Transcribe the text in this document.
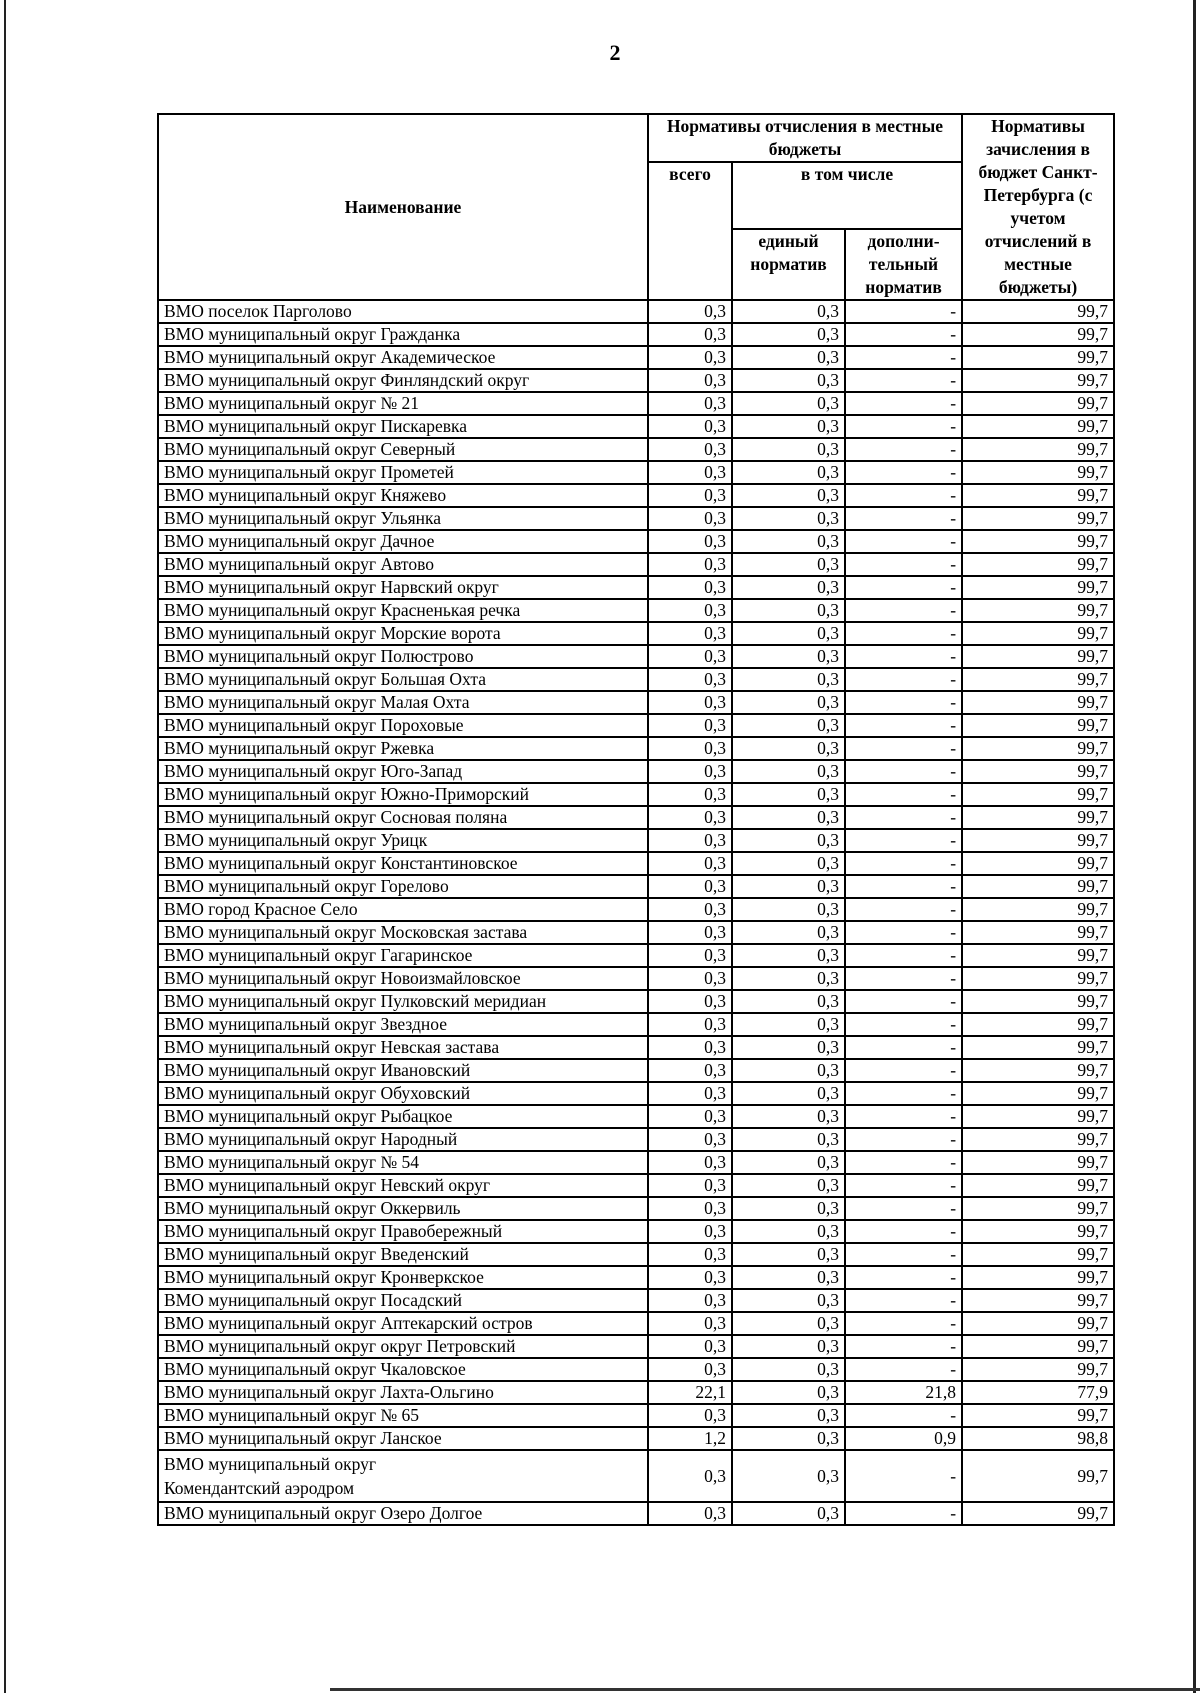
2
Наименование	Нормативы отчисления в местные бюджеты			Нормативы зачисления в бюджет Санкт-Петербурга (с учетом отчислений в местные бюджеты)
	всего	в том числе		
		единый норматив	дополни-тельный норматив	
ВМО поселок Парголово	0,3	0,3	-	99,7
ВМО муниципальный округ Гражданка	0,3	0,3	-	99,7
ВМО муниципальный округ Академическое	0,3	0,3	-	99,7
ВМО муниципальный округ Финляндский округ	0,3	0,3	-	99,7
ВМО муниципальный округ № 21	0,3	0,3	-	99,7
ВМО муниципальный округ Пискаревка	0,3	0,3	-	99,7
ВМО муниципальный округ Северный	0,3	0,3	-	99,7
ВМО муниципальный округ Прометей	0,3	0,3	-	99,7
ВМО муниципальный округ Княжево	0,3	0,3	-	99,7
ВМО муниципальный округ Ульянка	0,3	0,3	-	99,7
ВМО муниципальный округ Дачное	0,3	0,3	-	99,7
ВМО муниципальный округ Автово	0,3	0,3	-	99,7
ВМО муниципальный округ Нарвский округ	0,3	0,3	-	99,7
ВМО муниципальный округ Красненькая речка	0,3	0,3	-	99,7
ВМО муниципальный округ Морские ворота	0,3	0,3	-	99,7
ВМО муниципальный округ Полюстрово	0,3	0,3	-	99,7
ВМО муниципальный округ Большая Охта	0,3	0,3	-	99,7
ВМО муниципальный округ Малая Охта	0,3	0,3	-	99,7
ВМО муниципальный округ Пороховые	0,3	0,3	-	99,7
ВМО муниципальный округ Ржевка	0,3	0,3	-	99,7
ВМО муниципальный округ Юго-Запад	0,3	0,3	-	99,7
ВМО муниципальный округ Южно-Приморский	0,3	0,3	-	99,7
ВМО муниципальный округ Сосновая поляна	0,3	0,3	-	99,7
ВМО муниципальный округ Урицк	0,3	0,3	-	99,7
ВМО муниципальный округ Константиновское	0,3	0,3	-	99,7
ВМО муниципальный округ Горелово	0,3	0,3	-	99,7
ВМО город Красное Село	0,3	0,3	-	99,7
ВМО муниципальный округ Московская застава	0,3	0,3	-	99,7
ВМО муниципальный округ Гагаринское	0,3	0,3	-	99,7
ВМО муниципальный округ Новоизмайловское	0,3	0,3	-	99,7
ВМО муниципальный округ Пулковский меридиан	0,3	0,3	-	99,7
ВМО муниципальный округ Звездное	0,3	0,3	-	99,7
ВМО муниципальный округ Невская застава	0,3	0,3	-	99,7
ВМО муниципальный округ Ивановский	0,3	0,3	-	99,7
ВМО муниципальный округ Обуховский	0,3	0,3	-	99,7
ВМО муниципальный округ Рыбацкое	0,3	0,3	-	99,7
ВМО муниципальный округ Народный	0,3	0,3	-	99,7
ВМО муниципальный округ № 54	0,3	0,3	-	99,7
ВМО муниципальный округ Невский округ	0,3	0,3	-	99,7
ВМО муниципальный округ Оккервиль	0,3	0,3	-	99,7
ВМО муниципальный округ Правобережный	0,3	0,3	-	99,7
ВМО муниципальный округ Введенский	0,3	0,3	-	99,7
ВМО муниципальный округ Кронверкское	0,3	0,3	-	99,7
ВМО муниципальный округ Посадский	0,3	0,3	-	99,7
ВМО муниципальный округ Аптекарский остров	0,3	0,3	-	99,7
ВМО муниципальный округ округ Петровский	0,3	0,3	-	99,7
ВМО муниципальный округ Чкаловское	0,3	0,3	-	99,7
ВМО муниципальный округ Лахта-Ольгино	22,1	0,3	21,8	77,9
ВМО муниципальный округ № 65	0,3	0,3	-	99,7
ВМО муниципальный округ Ланское	1,2	0,3	0,9	98,8
ВМО муниципальный округ
Комендантский аэродром	0,3	0,3	-	99,7
ВМО муниципальный округ Озеро Долгое	0,3	0,3	-	99,7
